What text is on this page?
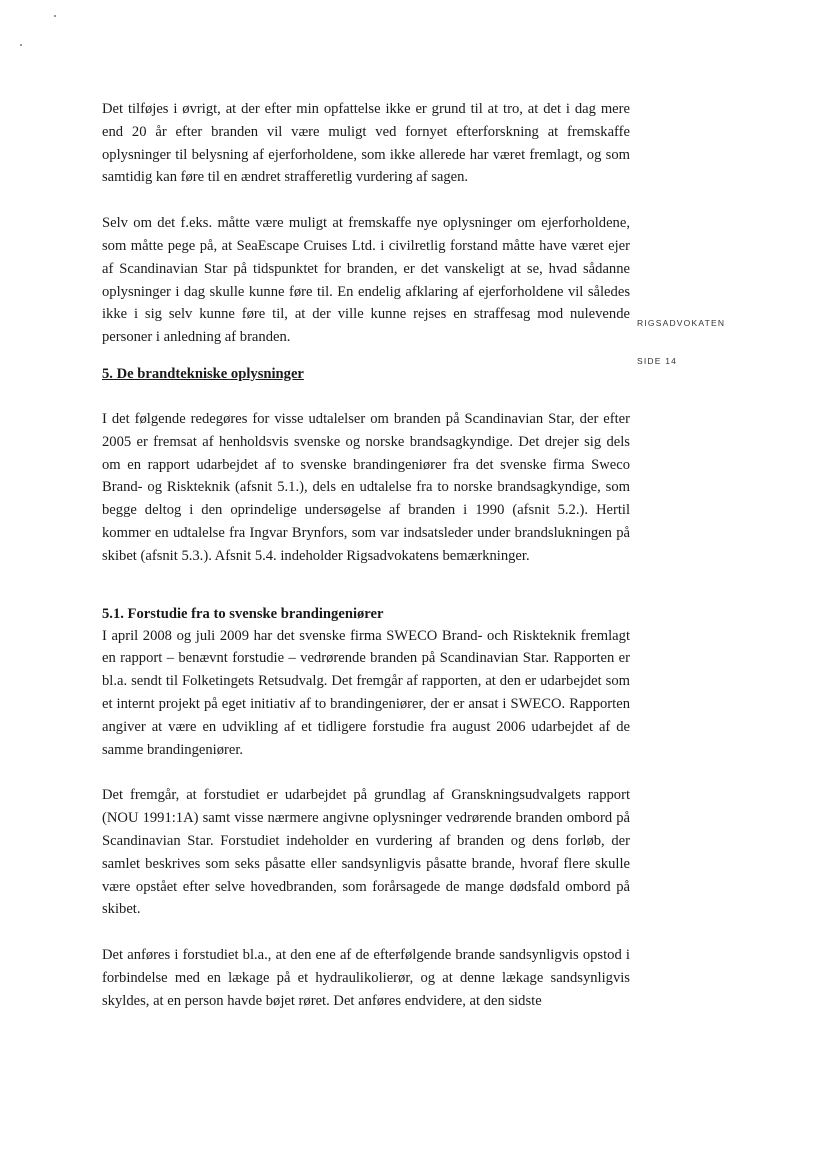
RIGSADVOKATEN
SIDE 14

Det tilføjes i øvrigt, at der efter min opfattelse ikke er grund til at tro, at det i dag mere end 20 år efter branden vil være muligt ved fornyet efterforskning at fremskaffe oplysninger til belysning af ejerforholdene, som ikke allerede har været fremlagt, og som samtidig kan føre til en ændret strafferetlig vurdering af sagen.

Selv om det f.eks. måtte være muligt at fremskaffe nye oplysninger om ejerforholdene, som måtte pege på, at SeaEscape Cruises Ltd. i civilretlig forstand måtte have været ejer af Scandinavian Star på tidspunktet for branden, er det vanskeligt at se, hvad sådanne oplysninger i dag skulle kunne føre til. En endelig afklaring af ejerforholdene vil således ikke i sig selv kunne føre til, at der ville kunne rejses en straffesag mod nulevende personer i anledning af branden.

5. De brandtekniske oplysninger

I det følgende redegøres for visse udtalelser om branden på Scandinavian Star, der efter 2005 er fremsat af henholdsvis svenske og norske brandsagkyndige. Det drejer sig dels om en rapport udarbejdet af to svenske brandingeniører fra det svenske firma Sweco Brand- og Riskteknik (afsnit 5.1.), dels en udtalelse fra to norske brandsagkyndige, som begge deltog i den oprindelige undersøgelse af branden i 1990 (afsnit 5.2.). Hertil kommer en udtalelse fra Ingvar Brynfors, som var indsatsleder under brandslukningen på skibet (afsnit 5.3.). Afsnit 5.4. indeholder Rigsadvokatens bemærkninger.

5.1. Forstudie fra to svenske brandingeniører

I april 2008 og juli 2009 har det svenske firma SWECO Brand- och Riskteknik fremlagt en rapport – benævnt forstudie – vedrørende branden på Scandinavian Star. Rapporten er bl.a. sendt til Folketingets Retsudvalg. Det fremgår af rapporten, at den er udarbejdet som et internt projekt på eget initiativ af to brandingeniører, der er ansat i SWECO. Rapporten angiver at være en udvikling af et tidligere forstudie fra august 2006 udarbejdet af de samme brandingeniører.

Det fremgår, at forstudiet er udarbejdet på grundlag af Granskningsudvalgets rapport (NOU 1991:1A) samt visse nærmere angivne oplysninger vedrørende branden ombord på Scandinavian Star. Forstudiet indeholder en vurdering af branden og dens forløb, der samlet beskrives som seks påsatte eller sandsynligvis påsatte brande, hvoraf flere skulle være opstået efter selve hovedbranden, som forårsagede de mange dødsfald ombord på skibet.

Det anføres i forstudiet bl.a., at den ene af de efterfølgende brande sandsynligvis opstod i forbindelse med en lækage på et hydraulikolierør, og at denne lækage sandsynligvis skyldes, at en person havde bøjet røret. Det anføres endvidere, at den sidste
